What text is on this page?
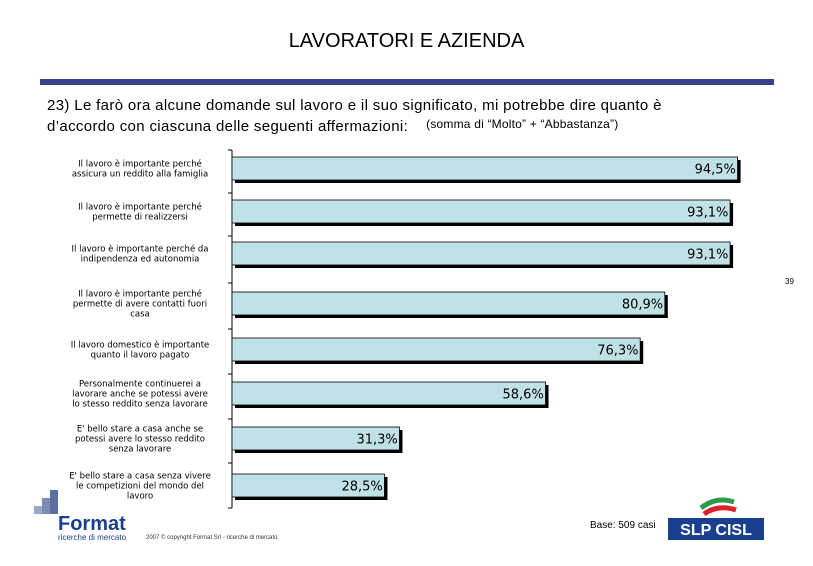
LAVORATORI E AZIENDA
23) Le farò ora alcune domande sul lavoro e il suo significato, mi potrebbe dire quanto è
d’accordo con ciascuna delle seguenti affermazioni: $^{(somma di “Molto” + “Abbastanza”)}$
94,5%
Il lavoro è importante perché
assicura un reddito alla famiglia
93,1%
Il lavoro è importante perché
permette di realizzersi
93,1%
Il lavoro è importante perché da
indipendenza ed autonomia
80,9%
Il lavoro è importante perché
permette di avere contatti fuori
casa
76,3%
Il lavoro domestico è importante
quanto il lavoro pagato
58,6%
Personalmente continuerei a
lavorare anche se potessi avere
lo stesso reddito senza lavorare
31,3%
E' bello stare a casa anche se
potessi avere lo stesso reddito
senza lavorare
28,5%
E' bello stare a casa senza vivere
le competizioni del mondo del
lavoro
39
Format
ricerche di mercato	2007 © copyright Format Srl - ricerche di mercato
Base: 509 casi SLP CISL
